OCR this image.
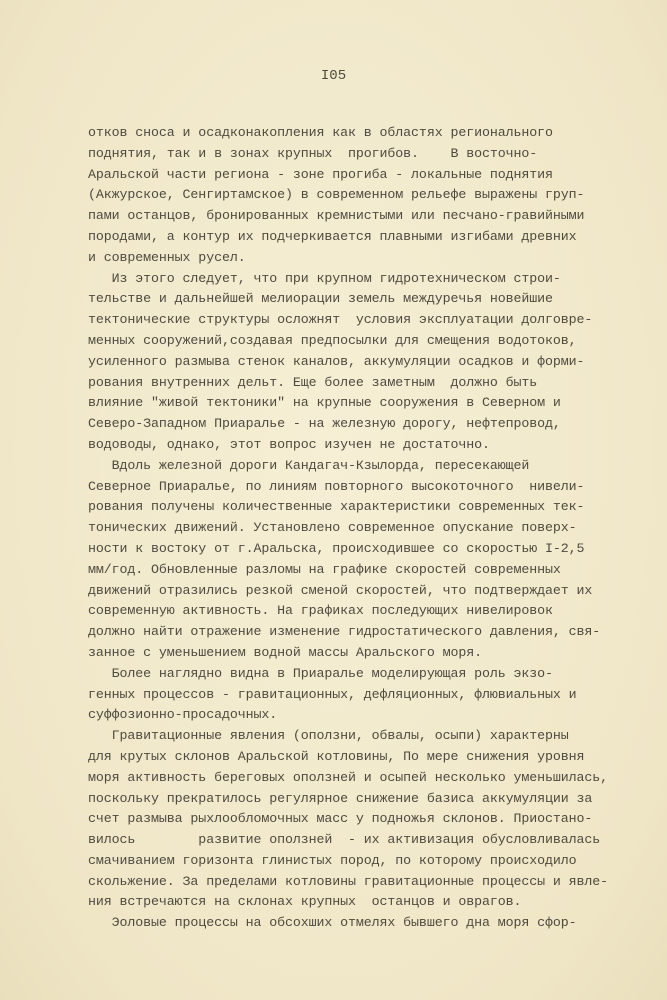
I05
отков сноса и осадконакопления как в областях регионального
поднятия, так и в зонах крупных  прогибов.    В восточно-
Аральской части региона - зоне прогиба - локальные поднятия
(Акжурское, Сенгиртамское) в современном рельефе выражены груп-
пами останцов, бронированных кремнистыми или песчано-гравийными
породами, а контур их подчеркивается плавными изгибами древних
и современных русел.
Из этого следует, что при крупном гидротехническом строи-
тельстве и дальнейшей мелиорации земель междуречья новейшие
тектонические структуры осложнят  условия эксплуатации долговре-
менных сооружений,создавая предпосылки для смещения водотоков,
усиленного размыва стенок каналов, аккумуляции осадков и форми-
рования внутренних дельт. Еще более заметным  должно быть
влияние "живой тектоники" на крупные сооружения в Северном и
Северо-Западном Приаралье - на железную дорогу, нефтепровод,
водоводы, однако, этот вопрос изучен не достаточно.
Вдоль железной дороги Кандагач-Кзылорда, пересекающей
Северное Приаралье, по линиям повторного высокоточного  нивели-
рования получены количественные характеристики современных тек-
тонических движений. Установлено современное опускание поверх-
ности к востоку от г.Аральска, происходившее со скоростью I-2,5
мм/год. Обновленные разломы на графике скоростей современных
движений отразились резкой сменой скоростей, что подтверждает их
современную активность. На графиках последующих нивелировок
должно найти отражение изменение гидростатического давления, свя-
занное с уменьшением водной массы Аральского моря.
Более наглядно видна в Приаралье моделирующая роль экзо-
генных процессов - гравитационных, дефляционных, флювиальных и
суффозионно-просадочных.
Гравитационные явления (оползни, обвалы, осыпи) характерны
для крутых склонов Аральской котловины, По мере снижения уровня
моря активность береговых оползней и осыпей несколько уменьшилась,
поскольку прекратилось регулярное снижение базиса аккумуляции за
счет размыва рыхлообломочных масс у подножья склонов. Приостано-
вилось        развитие оползней  - их активизация обусловливалась
смачиванием горизонта глинистых пород, по которому происходило
скольжение. За пределами котловины гравитационные процессы и явле-
ния встречаются на склонах крупных  останцов и оврагов.
Эоловые процессы на обсохших отмелях бывшего дна моря сфор-
